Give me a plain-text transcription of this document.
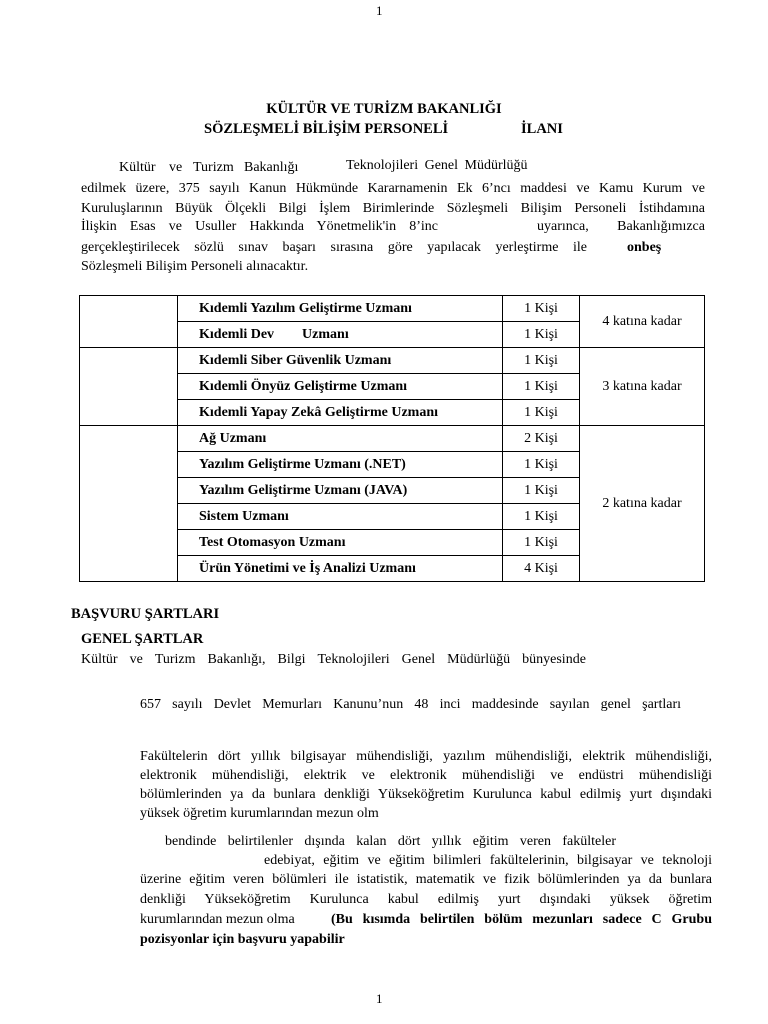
1
KÜLTÜR VE TURİZM BAKANLIĞI
SÖZLEŞMELİ BİLİŞİM PERSONELİ	İLANI
Kültür ve Turizm Bakanlığı	Teknolojileri Genel Müdürlüğü
edilmek üzere, 375 sayılı Kanun Hükmünde Kararnamenin Ek 6’ncı maddesi ve Kamu Kurum ve
Kuruluşlarının Büyük Ölçekli Bilgi İşlem Birimlerinde Sözleşmeli Bilişim Personeli İstihdamına
İlişkin Esas ve Usuller Hakkında Yönetmelik'in 8’inc	uyarınca, Bakanlığımızca
gerçekleştirilecek sözlü sınav başarı sırasına göre yapılacak yerleştirme ile	onbeş
Sözleşmeli Bilişim Personeli alınacaktır.
	Kıdemli Yazılım Geliştirme Uzmanı	1 Kişi	4 katına kadar
	Kıdemli Dev        Uzmanı	1 Kişi	
	Kıdemli Siber Güvenlik Uzmanı	1 Kişi	3 katına kadar
	Kıdemli Önyüz Geliştirme Uzmanı	1 Kişi	
	Kıdemli Yapay Zekâ Geliştirme Uzmanı	1 Kişi	
	Ağ Uzmanı	2 Kişi	2 katına kadar
	Yazılım Geliştirme Uzmanı (.NET)	1 Kişi	
	Yazılım Geliştirme Uzmanı (JAVA)	1 Kişi	
	Sistem Uzmanı	1 Kişi	
	Test Otomasyon Uzmanı	1 Kişi	
	Ürün Yönetimi ve İş Analizi Uzmanı	4 Kişi	
BAŞVURU ŞARTLARI
GENEL ŞARTLAR
Kültür ve Turizm Bakanlığı, Bilgi Teknolojileri Genel Müdürlüğü bünyesinde
657 sayılı Devlet Memurları Kanunu’nun 48 inci maddesinde sayılan genel şartları
Fakültelerin dört yıllık bilgisayar mühendisliği, yazılım mühendisliği, elektrik mühendisliği,
elektronik mühendisliği, elektrik ve elektronik mühendisliği ve endüstri mühendisliği
bölümlerinden ya da bunlara denkliği Yükseköğretim Kurulunca kabul edilmiş yurt dışındaki
yüksek öğretim kurumlarından mezun olm
bendinde belirtilenler dışında kalan dört yıllık eğitim veren fakülteler
edebiyat, eğitim ve eğitim bilimleri fakültelerinin, bilgisayar ve teknoloji
üzerine eğitim veren bölümleri ile istatistik, matematik ve fizik bölümlerinden ya da bunlara
denkliği Yükseköğretim Kurulunca kabul edilmiş yurt dışındaki yüksek öğretim
kurumlarından mezun olma	(Bu kısımda belirtilen bölüm mezunları sadece C Grubu
pozisyonlar için başvuru yapabilir
1
